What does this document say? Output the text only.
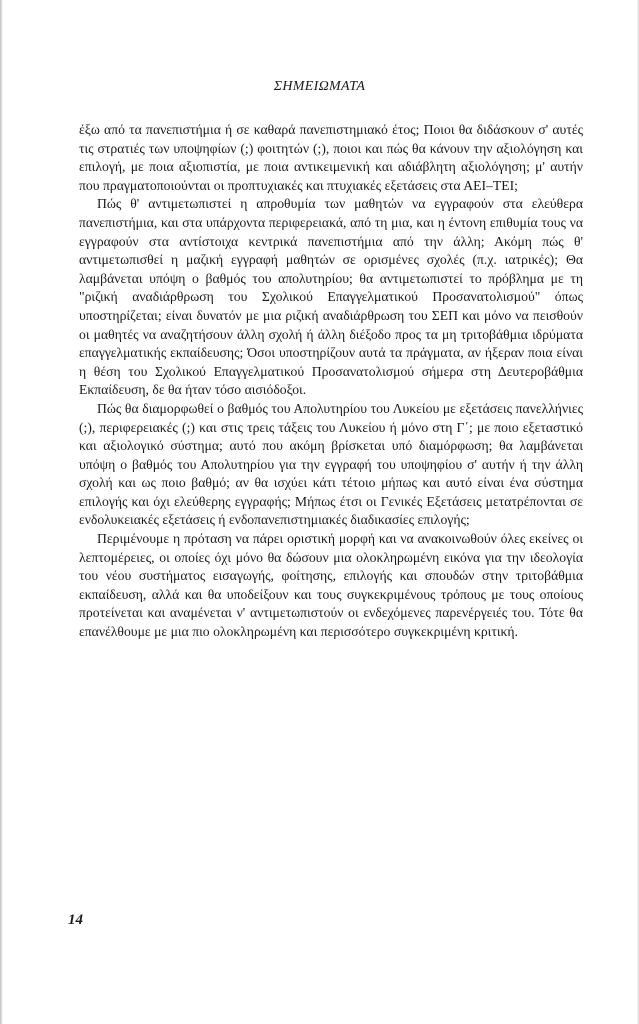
ΣΗΜΕΙΩΜΑΤΑ

έξω από τα πανεπιστήμια ή σε καθαρά πανεπιστημιακό έτος; Ποιοι θα διδάσκουν σ' αυτές τις στρατιές των υποψηφίων (;) φοιτητών (;), ποιοι και πώς θα κάνουν την αξιολόγηση και επιλογή, με ποια αξιοπιστία, με ποια αντικειμενική και αδιάβλητη αξιολόγηση; μ' αυτήν που πραγματοποιούνται οι προπτυχιακές και πτυχιακές εξετάσεις στα ΑΕΙ–ΤΕΙ;

Πώς θ' αντιμετωπιστεί η απροθυμία των μαθητών να εγγραφούν στα ελεύθερα πανεπιστήμια, και στα υπάρχοντα περιφερειακά, από τη μια, και η έντονη επιθυμία τους να εγγραφούν στα αντίστοιχα κεντρικά πανεπιστήμια από την άλλη; Ακόμη πώς θ' αντιμετωπισθεί η μαζική εγγραφή μαθητών σε ορισμένες σχολές (π.χ. ιατρικές); Θα λαμβάνεται υπόψη ο βαθμός του απολυτηρίου; θα αντιμετωπιστεί το πρόβλημα με τη "ριζική αναδιάρθρωση του Σχολικού Επαγγελματικού Προσανατολισμού" όπως υποστηρίζεται; είναι δυνατόν με μια ριζική αναδιάρθρωση του ΣΕΠ και μόνο να πεισθούν οι μαθητές να αναζητήσουν άλλη σχολή ή άλλη διέξοδο προς τα μη τριτοβάθμια ιδρύματα επαγγελματικής εκπαίδευσης; Όσοι υποστηρίζουν αυτά τα πράγματα, αν ήξεραν ποια είναι η θέση του Σχολικού Επαγγελματικού Προσανατολισμού σήμερα στη Δευτεροβάθμια Εκπαίδευση, δε θα ήταν τόσο αισιόδοξοι.

Πώς θα διαμορφωθεί ο βαθμός του Απολυτηρίου του Λυκείου με εξετάσεις πανελλήνιες (;), περιφερειακές (;) και στις τρεις τάξεις του Λυκείου ή μόνο στη Γ΄; με ποιο εξεταστικό και αξιολογικό σύστημα; αυτό που ακόμη βρίσκεται υπό διαμόρφωση; θα λαμβάνεται υπόψη ο βαθμός του Απολυτηρίου για την εγγραφή του υποψηφίου σ' αυτήν ή την άλλη σχολή και ως ποιο βαθμό; αν θα ισχύει κάτι τέτοιο μήπως και αυτό είναι ένα σύστημα επιλογής και όχι ελεύθερης εγγραφής; Μήπως έτσι οι Γενικές Εξετάσεις μετατρέπονται σε ενδολυκειακές εξετάσεις ή ενδοπανεπιστημιακές διαδικασίες επιλογής;

Περιμένουμε η πρόταση να πάρει οριστική μορφή και να ανακοινωθούν όλες εκείνες οι λεπτομέρειες, οι οποίες όχι μόνο θα δώσουν μια ολοκληρωμένη εικόνα για την ιδεολογία του νέου συστήματος εισαγωγής, φοίτησης, επιλογής και σπουδών στην τριτοβάθμια εκπαίδευση, αλλά και θα υποδείξουν και τους συγκεκριμένους τρόπους με τους οποίους προτείνεται και αναμένεται ν' αντιμετωπιστούν οι ενδεχόμενες παρενέργειές του. Τότε θα επανέλθουμε με μια πιο ολοκληρωμένη και περισσότερο συγκεκριμένη κριτική.

14
